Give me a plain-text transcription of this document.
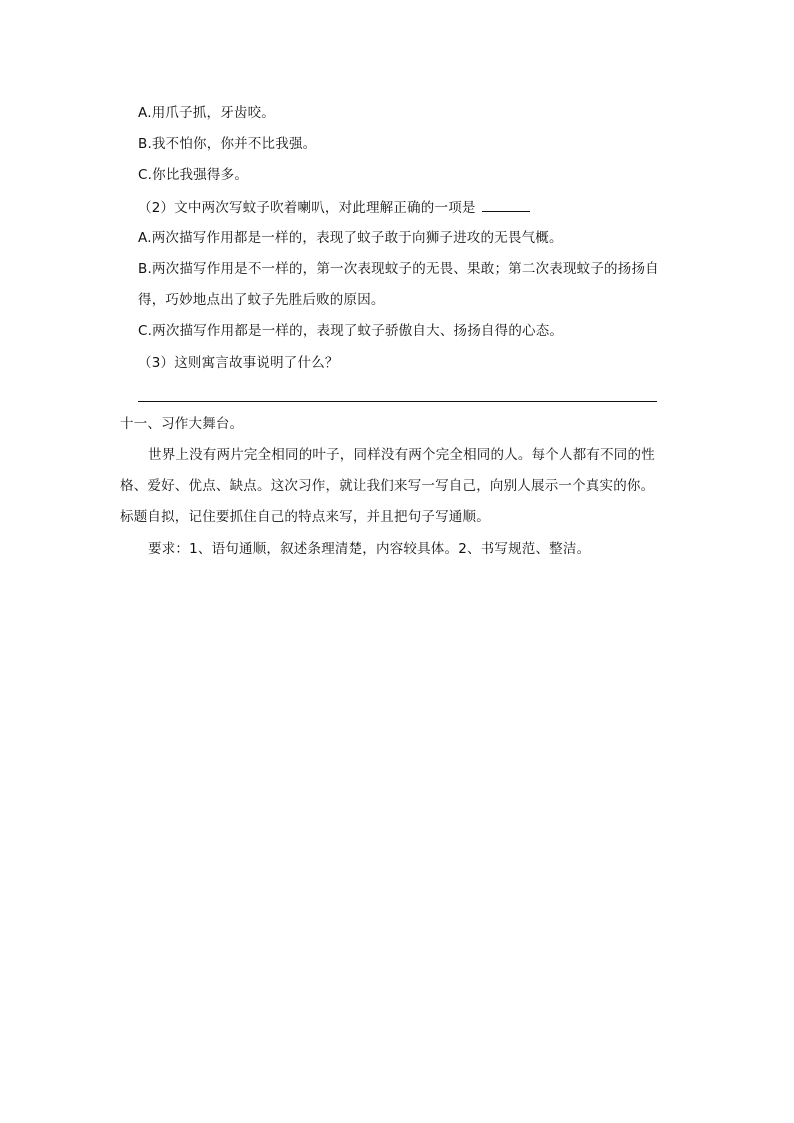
A.用爪子抓，牙齿咬。
B.我不怕你，你并不比我强。
C.你比我强得多。
（2）文中两次写蚊子吹着喇叭，对此理解正确的一项是
A.两次描写作用都是一样的，表现了蚊子敢于向狮子进攻的无畏气概。
B.两次描写作用是不一样的，第一次表现蚊子的无畏、果敢；第二次表现蚊子的扬扬自
得，巧妙地点出了蚊子先胜后败的原因。
C.两次描写作用都是一样的，表现了蚊子骄傲自大、扬扬自得的心态。
（3）这则寓言故事说明了什么？
十一、习作大舞台。
世界上没有两片完全相同的叶子，同样没有两个完全相同的人。每个人都有不同的性
格、爱好、优点、缺点。这次习作，就让我们来写一写自己，向别人展示一个真实的你。
标题自拟，记住要抓住自己的特点来写，并且把句子写通顺。
要求：1、语句通顺，叙述条理清楚，内容较具体。2、书写规范、整洁。
